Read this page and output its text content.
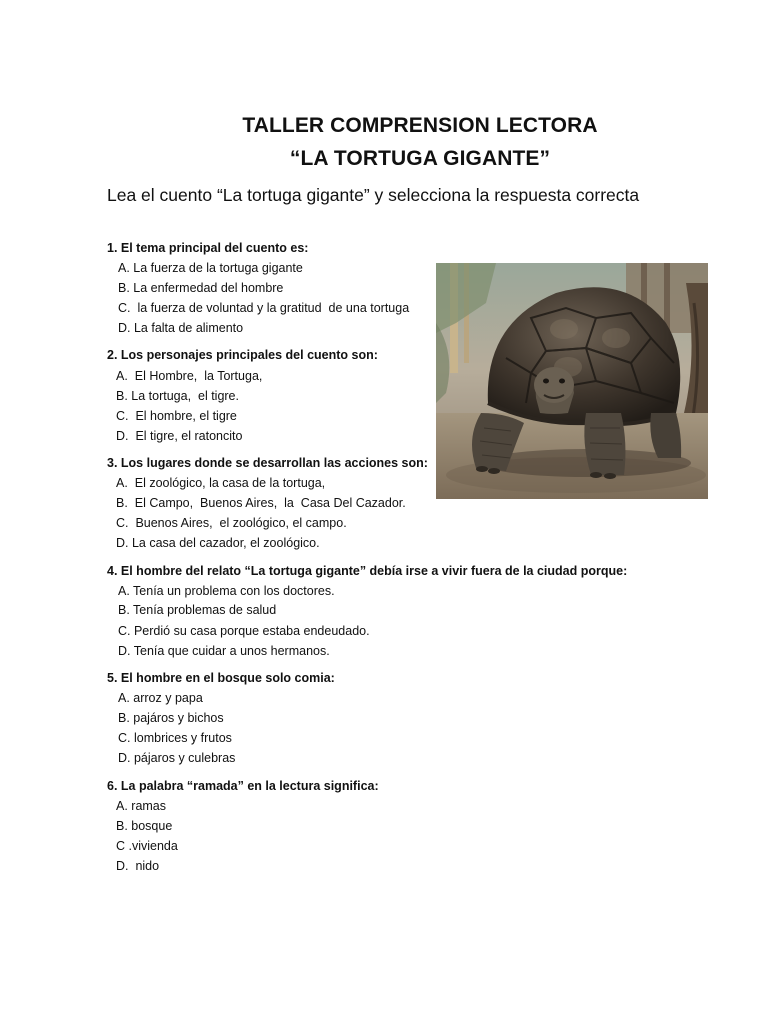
TALLER COMPRENSION LECTORA
“LA TORTUGA GIGANTE”
Lea el cuento “La tortuga gigante” y selecciona la respuesta correcta
1. El tema principal del cuento es:
A. La fuerza de la tortuga gigante
B. La enfermedad del hombre
C.  la fuerza de voluntad y la gratitud  de una tortuga
D. La falta de alimento
2. Los personajes principales del cuento son:
A.  El Hombre,  la Tortuga,
B. La tortuga,  el tigre.
C.  El hombre, el tigre
D.  El tigre, el ratoncito
3. Los lugares donde se desarrollan las acciones son:
A.  El zoológico, la casa de la tortuga,
B.  El Campo,  Buenos Aires,  la  Casa Del Cazador.
C.  Buenos Aires,  el zoológico, el campo.
D. La casa del cazador, el zoológico.
4. El hombre del relato “La tortuga gigante” debía irse a vivir fuera de la ciudad porque:
A. Tenía un problema con los doctores.
B. Tenía problemas de salud
C. Perdió su casa porque estaba endeudado.
D. Tenía que cuidar a unos hermanos.
5. El hombre en el bosque solo comia:
A. arroz y papa
B. pajáros y bichos
C. lombrices y frutos
D. pájaros y culebras
6. La palabra “ramada” en la lectura significa:
A. ramas
B. bosque
C .vivienda
D.  nido
